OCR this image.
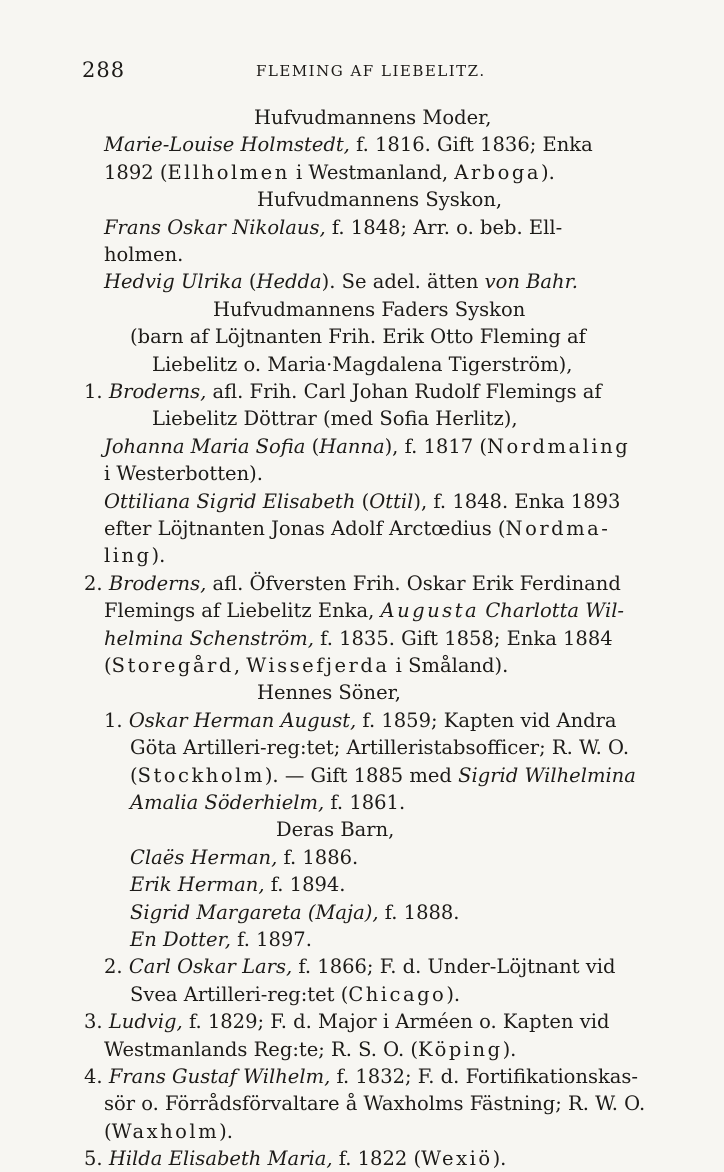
288	FLEMING AF LIEBELITZ.
Hufvudmannens Moder,
Marie-Louise Holmstedt, f. 1816. Gift 1836; Enka
1892 (Ellholmen i Westmanland, Arboga).
Hufvudmannens Syskon,
Frans Oskar Nikolaus, f. 1848; Arr. o. beb. Ell-
holmen.
Hedvig Ulrika (Hedda). Se adel. ätten von Bahr.
Hufvudmannens Faders Syskon
(barn af Löjtnanten Frih. Erik Otto Fleming af
Liebelitz o. Maria·Magdalena Tigerström),
1. Broderns, afl. Frih. Carl Johan Rudolf Flemings af
Liebelitz Döttrar (med Sofia Herlitz),
Johanna Maria Sofia (Hanna), f. 1817 (Nordmaling
i Westerbotten).
Ottiliana Sigrid Elisabeth (Ottil), f. 1848. Enka 1893
efter Löjtnanten Jonas Adolf Arctœdius (Nordma-
ling).
2. Broderns, afl. Öfversten Frih. Oskar Erik Ferdinand
Flemings af Liebelitz Enka, Augusta Charlotta Wil-
helmina Schenström, f. 1835. Gift 1858; Enka 1884
(Storegård, Wissefjerda i Småland).
Hennes Söner,
1. Oskar Herman August, f. 1859; Kapten vid Andra
Göta Artilleri-reg:tet; Artilleristabsofficer; R. W. O.
(Stockholm). — Gift 1885 med Sigrid Wilhelmina
Amalia Söderhielm, f. 1861.
Deras Barn,
Claës Herman, f. 1886.
Erik Herman, f. 1894.
Sigrid Margareta (Maja), f. 1888.
En Dotter, f. 1897.
2. Carl Oskar Lars, f. 1866; F. d. Under-Löjtnant vid
Svea Artilleri-reg:tet (Chicago).
3. Ludvig, f. 1829; F. d. Major i Arméen o. Kapten vid
Westmanlands Reg:te; R. S. O. (Köping).
4. Frans Gustaf Wilhelm, f. 1832; F. d. Fortifikationskas-
sör o. Förrådsförvaltare å Waxholms Fästning; R. W. O.
(Waxholm).
5. Hilda Elisabeth Maria, f. 1822 (Wexiö).
